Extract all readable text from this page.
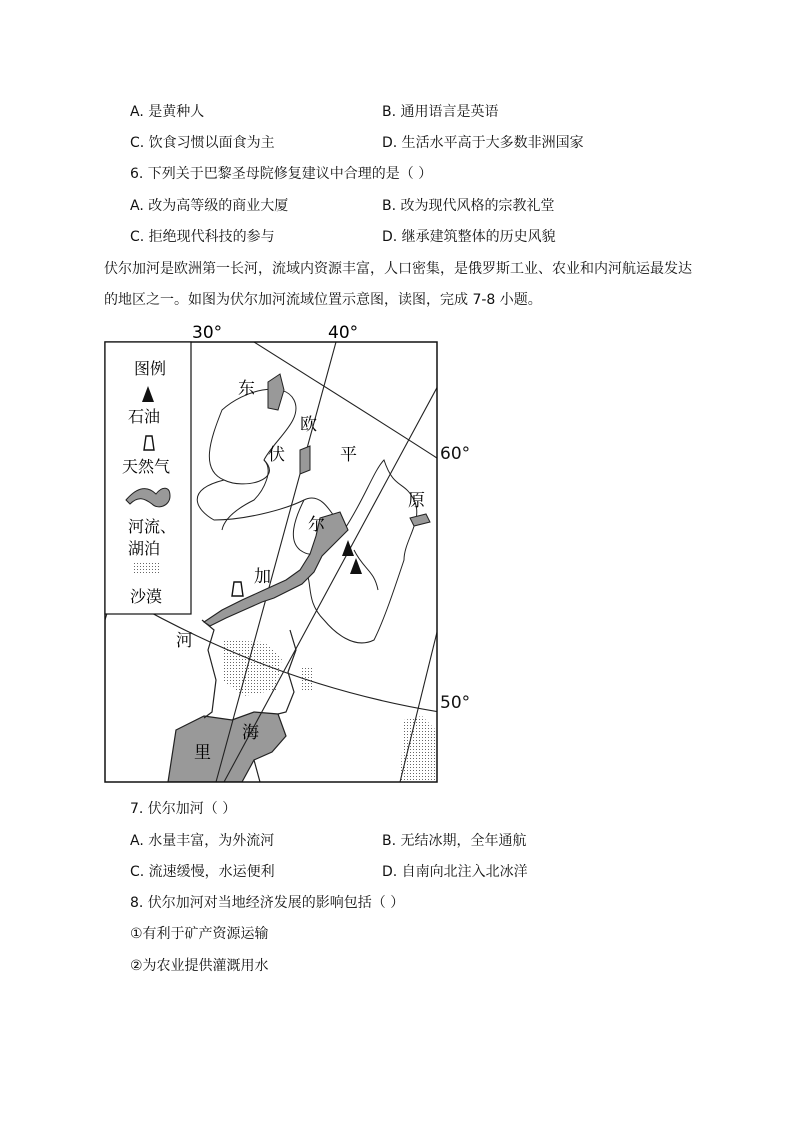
A. 是黄种人	B. 通用语言是英语
C. 饮食习惯以面食为主	D. 生活水平高于大多数非洲国家
6. 下列关于巴黎圣母院修复建议中合理的是（ ）
A. 改为高等级的商业大厦	B. 改为现代风格的宗教礼堂
C. 拒绝现代科技的参与	D. 继承建筑整体的历史风貌
伏尔加河是欧洲第一长河，流域内资源丰富，人口密集，是俄罗斯工业、农业和内河航运最发达
的地区之一。如图为伏尔加河流域位置示意图，读图，完成 7-8 小题。
30°	40°
图例
石油
天然气
河流、
湖泊
沙漠
东
欧
平
原
伏
尔
加
河
里
海
60°
50°
7. 伏尔加河（ ）
A. 水量丰富，为外流河	B. 无结冰期，全年通航
C. 流速缓慢，水运便利	D. 自南向北注入北冰洋
8. 伏尔加河对当地经济发展的影响包括（ ）
①有利于矿产资源运输
②为农业提供灌溉用水
